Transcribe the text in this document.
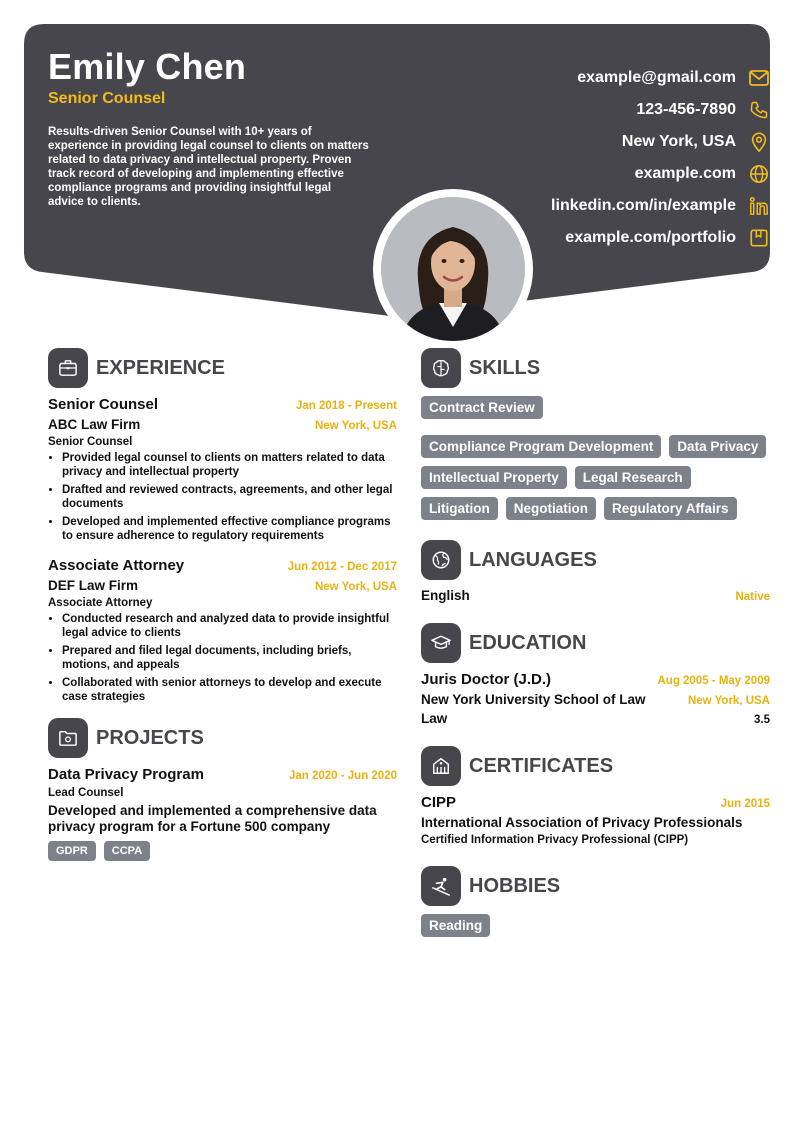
Emily Chen
Senior Counsel
Results-driven Senior Counsel with 10+ years of experience in providing legal counsel to clients on matters related to data privacy and intellectual property. Proven track record of developing and implementing effective compliance programs and providing insightful legal advice to clients.
example@gmail.com
123-456-7890
New York, USA
example.com
linkedin.com/in/example
example.com/portfolio
EXPERIENCE
Senior Counsel	Jan 2018 - Present
ABC Law Firm	New York, USA
Senior Counsel
• Provided legal counsel to clients on matters related to data privacy and intellectual property
• Drafted and reviewed contracts, agreements, and other legal documents
• Developed and implemented effective compliance programs to ensure adherence to regulatory requirements
Associate Attorney	Jun 2012 - Dec 2017
DEF Law Firm	New York, USA
Associate Attorney
• Conducted research and analyzed data to provide insightful legal advice to clients
• Prepared and filed legal documents, including briefs, motions, and appeals
• Collaborated with senior attorneys to develop and execute case strategies
PROJECTS
Data Privacy Program	Jan 2020 - Jun 2020
Lead Counsel
Developed and implemented a comprehensive data privacy program for a Fortune 500 company
GDPR	CCPA
SKILLS
Contract Review
Compliance Program Development	Data Privacy
Intellectual Property	Legal Research
Litigation	Negotiation	Regulatory Affairs
LANGUAGES
English	Native
EDUCATION
Juris Doctor (J.D.)	Aug 2005 - May 2009
New York University School of Law	New York, USA
Law	3.5
CERTIFICATES
CIPP	Jun 2015
International Association of Privacy Professionals
Certified Information Privacy Professional (CIPP)
HOBBIES
Reading
